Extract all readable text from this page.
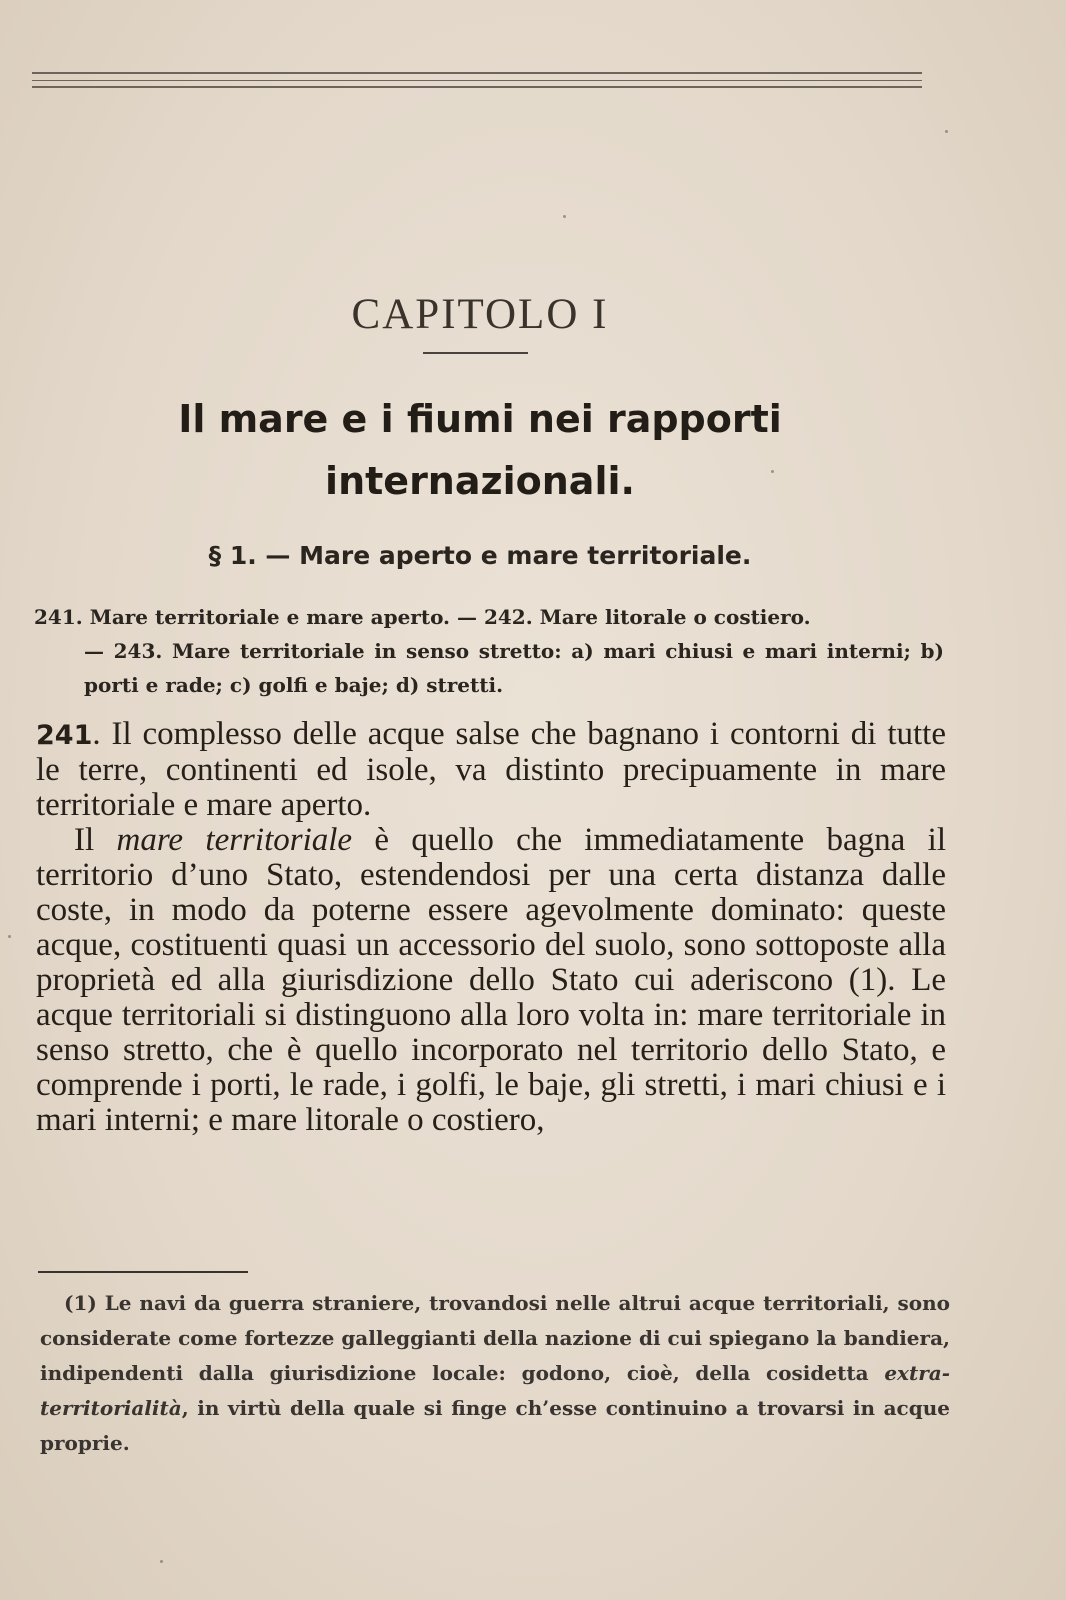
CAPITOLO I
Il mare e i fiumi nei rapporti
internazionali.
§ 1. — Mare aperto e mare territoriale.
241. Mare territoriale e mare aperto. — 242. Mare litorale o costiero.
— 243. Mare territoriale in senso stretto: a) mari chiusi e mari interni; b) porti e rade; c) golfi e baje; d) stretti.

241. Il complesso delle acque salse che bagnano i contorni di tutte le terre, continenti ed isole, va distinto precipuamente in mare territoriale e mare aperto.

Il mare territoriale è quello che immediatamente bagna il territorio d’uno Stato, estendendosi per una certa distanza dalle coste, in modo da poterne essere agevolmente dominato: queste acque, costituenti quasi un accessorio del suolo, sono sottoposte alla proprietà ed alla giurisdizione dello Stato cui aderiscono (1). Le acque territoriali si distinguono alla loro volta in: mare territoriale in senso stretto, che è quello incorporato nel territorio dello Stato, e comprende i porti, le rade, i golfi, le baje, gli stretti, i mari chiusi e i mari interni; e mare litorale o costiero,

(1) Le navi da guerra straniere, trovandosi nelle altrui acque territoriali, sono considerate come fortezze galleggianti della nazione di cui spiegano la bandiera, indipendenti dalla giurisdizione locale: godono, cioè, della cosidetta extra-territorialità, in virtù della quale si finge ch’esse continuino a trovarsi in acque proprie.
